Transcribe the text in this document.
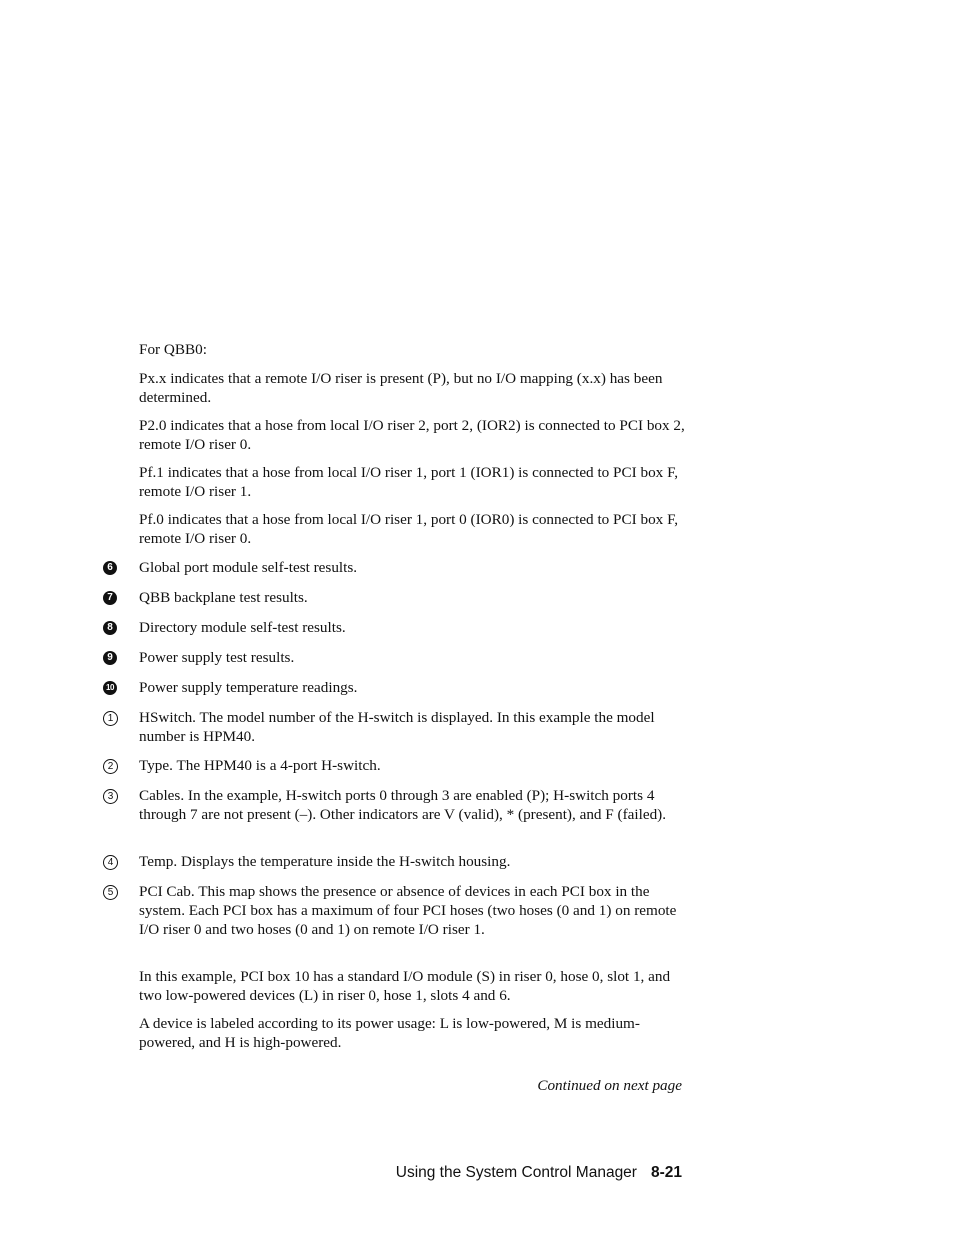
For QBB0:

Px.x indicates that a remote I/O riser is present (P), but no I/O mapping (x.x) has been determined.

P2.0 indicates that a hose from local I/O riser 2, port 2, (IOR2) is connected to PCI box 2, remote I/O riser 0.

Pf.1 indicates that a hose from local I/O riser 1, port 1 (IOR1) is connected to PCI box F, remote I/O riser 1.

Pf.0 indicates that a hose from local I/O riser 1, port 0 (IOR0) is connected to PCI box F, remote I/O riser 0.

6 Global port module self-test results.

7 QBB backplane test results.

8 Directory module self-test results.

9 Power supply test results.

10 Power supply temperature readings.

1	HSwitch. The model number of the H-switch is displayed. In this example the model number is HPM40.

2	Type. The HPM40 is a 4-port H-switch.

3	Cables. In the example, H-switch ports 0 through 3 are enabled (P); H-switch ports 4 through 7 are not present (–). Other indicators are V (valid), * (present), and F (failed).

4	Temp. Displays the temperature inside the H-switch housing.

5	PCI Cab. This map shows the presence or absence of devices in each PCI box in the system. Each PCI box has a maximum of four PCI hoses (two hoses (0 and 1) on remote I/O riser 0 and two hoses (0 and 1) on remote I/O riser 1.

In this example, PCI box 10 has a standard I/O module (S) in riser 0, hose 0, slot 1, and two low-powered devices (L) in riser 0, hose 1, slots 4 and 6.

A device is labeled according to its power usage: L is low-powered, M is medium-powered, and H is high-powered.

Continued on next page
Using the System Control Manager 8-21
